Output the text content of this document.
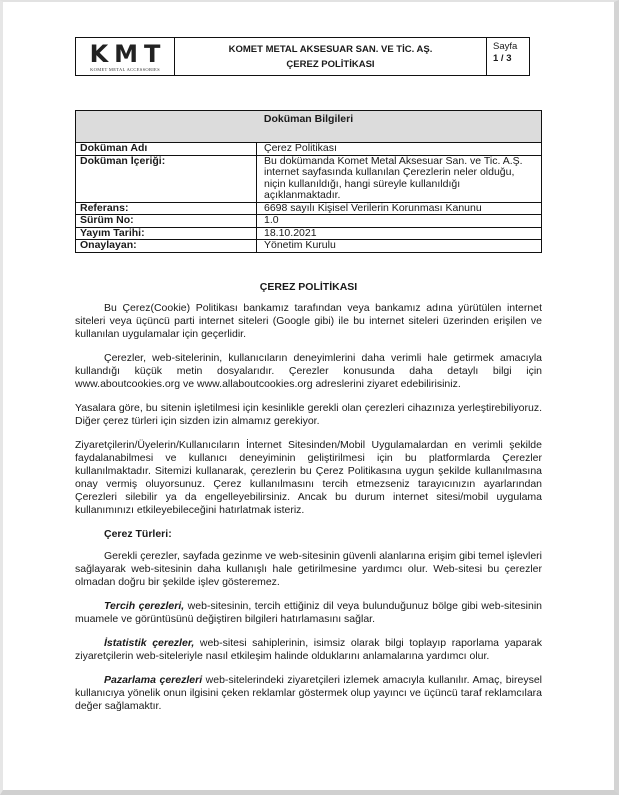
KMT
KOMET METAL ACCESSORIES
KOMET METAL AKSESUAR SAN. VE TİC. AŞ.
ÇEREZ POLİTİKASI
Sayfa
1 / 3
Doküman Bilgileri
Doküman Adı	Çerez Politikası
Doküman İçeriği:	Bu dokümanda Komet Metal Aksesuar San. ve Tic. A.Ş. internet sayfasında kullanılan Çerezlerin neler olduğu, niçin kullanıldığı, hangi süreyle kullanıldığı açıklanmaktadır.
Referans:	6698 sayılı Kişisel Verilerin Korunması Kanunu
Sürüm No:	1.0
Yayım Tarihi:	18.10.2021
Onaylayan:	Yönetim Kurulu
ÇEREZ POLİTİKASI

Bu Çerez(Cookie) Politikası bankamız tarafından veya bankamız adına yürütülen internet siteleri veya üçüncü parti internet siteleri (Google gibi) ile bu internet siteleri üzerinden erişilen ve kullanılan uygulamalar için geçerlidir.

Çerezler, web-sitelerinin, kullanıcıların deneyimlerini daha verimli hale getirmek amacıyla kullandığı küçük metin dosyalarıdır. Çerezler konusunda daha detaylı bilgi için www.aboutcookies.org ve www.allaboutcookies.org adreslerini ziyaret edebilirisiniz.

Yasalara göre, bu sitenin işletilmesi için kesinlikle gerekli olan çerezleri cihazınıza yerleştirebiliyoruz. Diğer çerez türleri için sizden izin almamız gerekiyor.

Ziyaretçilerin/Üyelerin/Kullanıcıların İnternet Sitesinden/Mobil Uygulamalardan en verimli şekilde faydalanabilmesi ve kullanıcı deneyiminin geliştirilmesi için bu platformlarda Çerezler kullanılmaktadır. Sitemizi kullanarak, çerezlerin bu Çerez Politikasına uygun şekilde kullanılmasına onay vermiş oluyorsunuz. Çerez kullanılmasını tercih etmezseniz tarayıcınızın ayarlarından Çerezleri silebilir ya da engelleyebilirsiniz. Ancak bu durum internet sitesi/mobil uygulama kullanımınızı etkileyebileceğini hatırlatmak isteriz.

Çerez Türleri:

Gerekli çerezler, sayfada gezinme ve web-sitesinin güvenli alanlarına erişim gibi temel işlevleri sağlayarak web-sitesinin daha kullanışlı hale getirilmesine yardımcı olur. Web-sitesi bu çerezler olmadan doğru bir şekilde işlev gösteremez.

Tercih çerezleri, web-sitesinin, tercih ettiğiniz dil veya bulunduğunuz bölge gibi web-sitesinin muamele ve görüntüsünü değiştiren bilgileri hatırlamasını sağlar.

İstatistik çerezler, web-sitesi sahiplerinin, isimsiz olarak bilgi toplayıp raporlama yaparak ziyaretçilerin web-siteleriyle nasıl etkileşim halinde olduklarını anlamalarına yardımcı olur.

Pazarlama çerezleri web-sitelerindeki ziyaretçileri izlemek amacıyla kullanılır. Amaç, bireysel kullanıcıya yönelik onun ilgisini çeken reklamlar göstermek olup yayıncı ve üçüncü taraf reklamcılara değer sağlamaktır.
